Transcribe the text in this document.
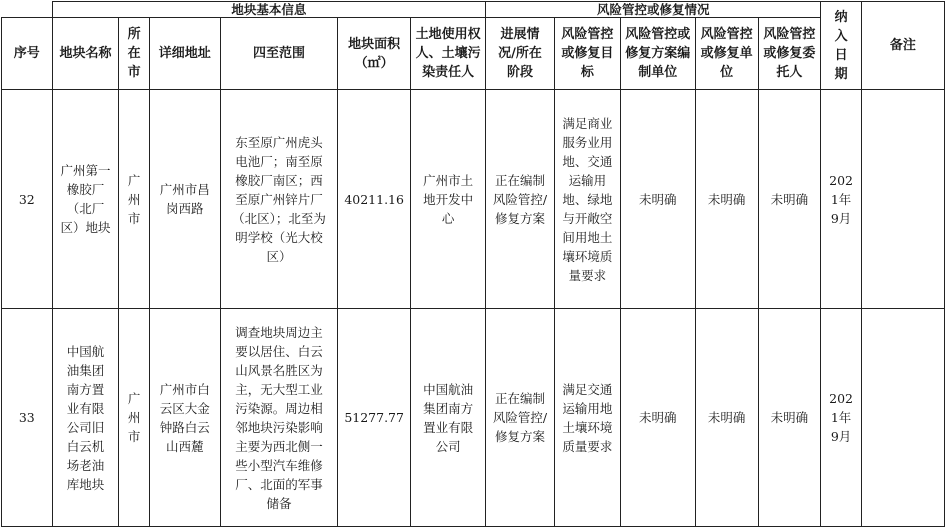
	地块基本信息						风险管控或修复情况					纳入日期	备注
序号	地块名称	所在市	详细地址	四至范围	地块面积（㎡）	土地使用权人、土壤污染责任人	进展情况/所在阶段	风险管控或修复目标	风险管控或修复方案编制单位	风险管控或修复单位	风险管控或修复委托人		

32	广州第一橡胶厂（北厂区）地块	广州市	广州市昌岗西路	东至原广州虎头电池厂；南至原橡胶厂南区；西至原广州锌片厂（北区）；北至为明学校（光大校区）	40211.16	广州市土地开发中心	正在编制风险管控/修复方案	满足商业服务业用地、交通运输用地、绿地与开敞空间用地土壤环境质量要求	未明确	未明确	未明确	2021年9月	

33	中国航油集团南方置业有限公司旧白云机场老油库地块	广州市	广州市白云区大金钟路白云山西麓	调查地块周边主要以居住、白云山风景名胜区为主，无大型工业污染源。周边相邻地块污染影响主要为西北侧一些小型汽车维修厂、北面的军事储备	51277.77	中国航油集团南方置业有限公司	正在编制风险管控/修复方案	满足交通运输用地土壤环境质量要求	未明确	未明确	未明确	2021年9月	
